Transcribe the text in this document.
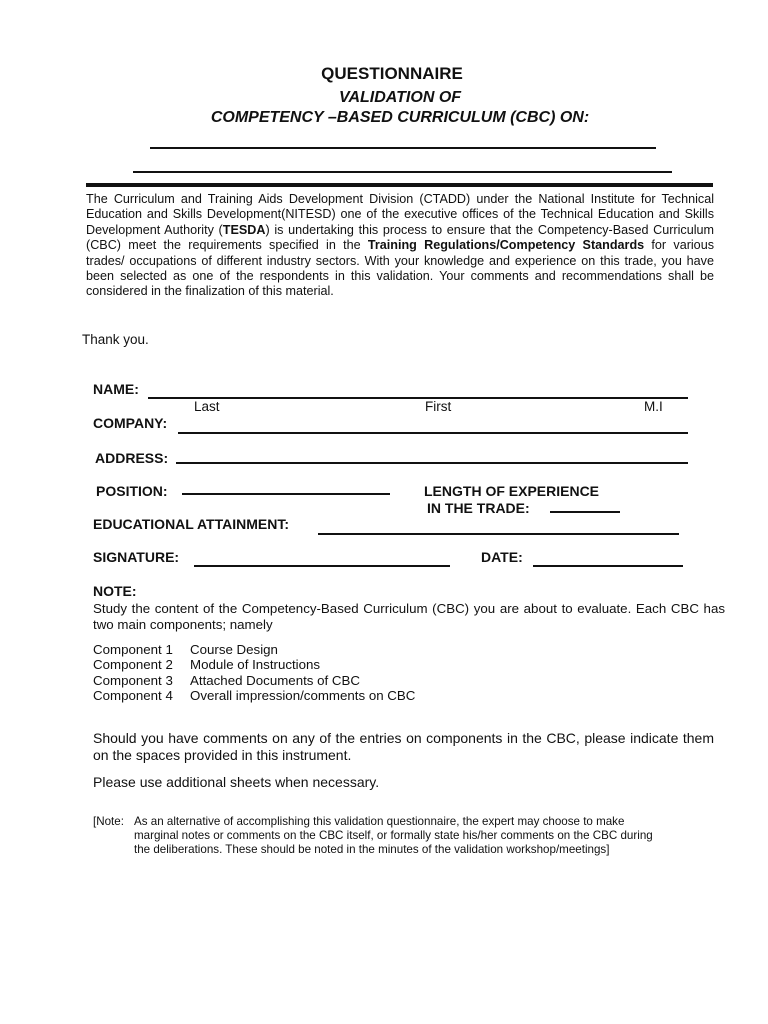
QUESTIONNAIRE
VALIDATION OF
COMPETENCY –BASED CURRICULUM (CBC) ON:
The Curriculum and Training Aids Development Division (CTADD) under the National Institute for Technical Education and Skills Development(NITESD) one of the executive offices of the Technical Education and Skills Development Authority (TESDA) is undertaking this process to ensure that the Competency-Based Curriculum (CBC) meet the requirements specified in the Training Regulations/Competency Standards for various trades/ occupations of different industry sectors. With your knowledge and experience on this trade, you have been selected as one of the respondents in this validation. Your comments and recommendations shall be considered in the finalization of this material.
Thank you.
NAME:
Last	First	M.I
COMPANY:
ADDRESS:
POSITION:	LENGTH OF EXPERIENCE
IN THE TRADE:
EDUCATIONAL ATTAINMENT:
SIGNATURE:	DATE:
NOTE:
Study the content of the Competency-Based Curriculum (CBC) you are about to evaluate. Each CBC has two main components; namely
Component 1 Course Design
Component 2 Module of Instructions
Component 3 Attached Documents of CBC
Component 4 Overall impression/comments on CBC
Should you have comments on any of the entries on components in the CBC, please indicate them on the spaces provided in this instrument.
Please use additional sheets when necessary.
[Note: As an alternative of accomplishing this validation questionnaire, the expert may choose to make
marginal notes or comments on the CBC itself, or formally state his/her comments on the CBC during
the deliberations. These should be noted in the minutes of the validation workshop/meetings]
